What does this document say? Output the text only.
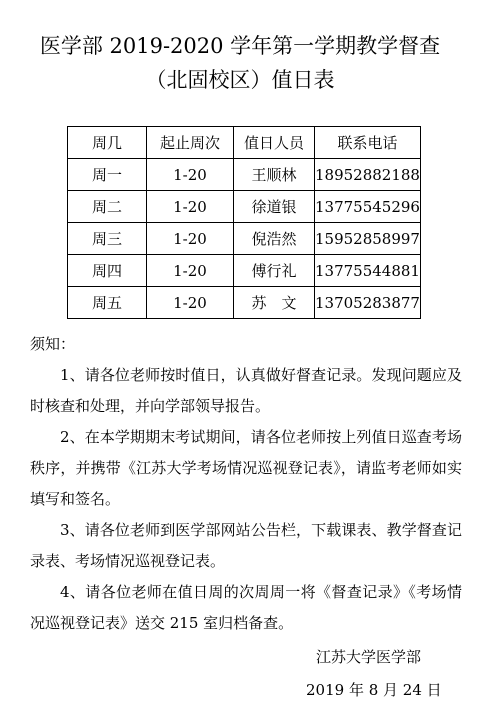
医学部 2019-2020 学年第一学期教学督查
（北固校区）值日表
周几	起止周次	值日人员	联系电话
周一	1-20	王顺林	18952882188
周二	1-20	徐道银	13775545296
周三	1-20	倪浩然	15952858997
周四	1-20	傅行礼	13775544881
周五	1-20	苏　文	13705283877

须知：

1、请各位老师按时值日，认真做好督查记录。发现问题应及时核查和处理，并向学部领导报告。

2、在本学期期末考试期间，请各位老师按上列值日巡查考场秩序，并携带《江苏大学考场情况巡视登记表》，请监考老师如实填写和签名。

3、请各位老师到医学部网站公告栏，下载课表、教学督查记录表、考场情况巡视登记表。

4、请各位老师在值日周的次周周一将《督查记录》《考场情况巡视登记表》送交 215 室归档备查。

江苏大学医学部
2019 年 8 月 24 日
